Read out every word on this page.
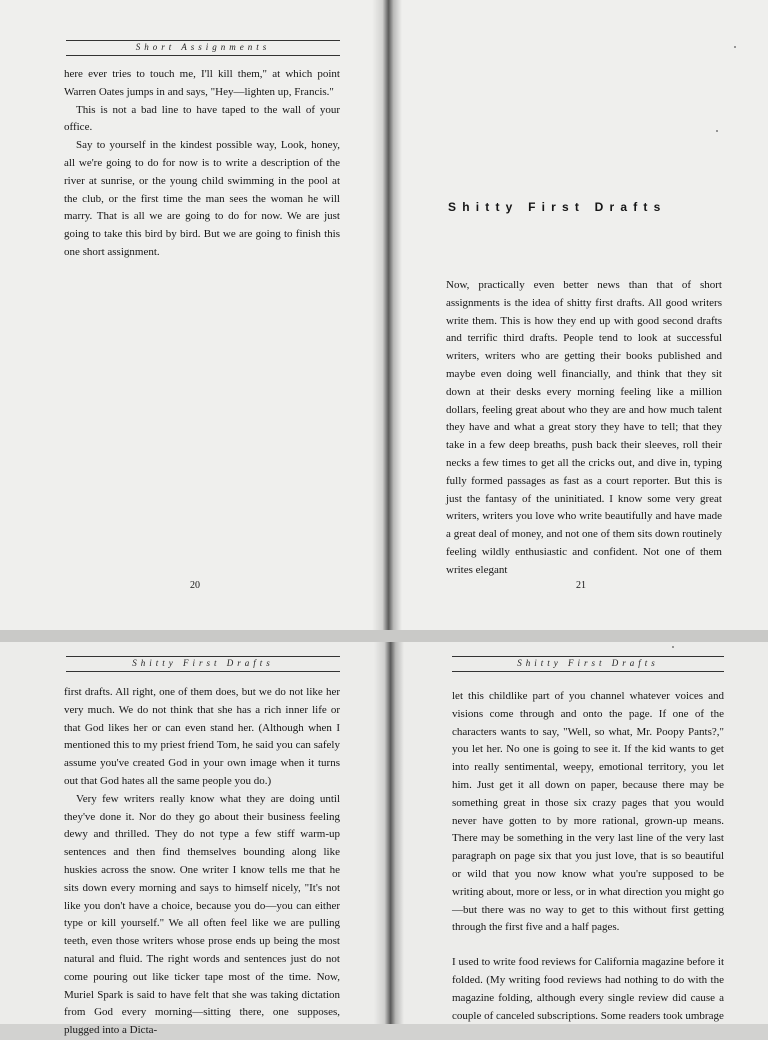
Short Assignments

here ever tries to touch me, I'll kill them," at which point Warren Oates jumps in and says, "Hey—lighten up, Francis."

This is not a bad line to have taped to the wall of your office.

Say to yourself in the kindest possible way, Look, honey, all we're going to do for now is to write a description of the river at sunrise, or the young child swimming in the pool at the club, or the first time the man sees the woman he will marry. That is all we are going to do for now. We are just going to take this bird by bird. But we are going to finish this one short assignment.

20
Shitty First Drafts

Now, practically even better news than that of short assignments is the idea of shitty first drafts. All good writers write them. This is how they end up with good second drafts and terrific third drafts. People tend to look at successful writers, writers who are getting their books published and maybe even doing well financially, and think that they sit down at their desks every morning feeling like a million dollars, feeling great about who they are and how much talent they have and what a great story they have to tell; that they take in a few deep breaths, push back their sleeves, roll their necks a few times to get all the cricks out, and dive in, typing fully formed passages as fast as a court reporter. But this is just the fantasy of the uninitiated. I know some very great writers, writers you love who write beautifully and have made a great deal of money, and not one of them sits down routinely feeling wildly enthusiastic and confident. Not one of them writes elegant

21
Shitty First Drafts

first drafts. All right, one of them does, but we do not like her very much. We do not think that she has a rich inner life or that God likes her or can even stand her. (Although when I mentioned this to my priest friend Tom, he said you can safely assume you've created God in your own image when it turns out that God hates all the same people you do.)

Very few writers really know what they are doing until they've done it. Nor do they go about their business feeling dewy and thrilled. They do not type a few stiff warm-up sentences and then find themselves bounding along like huskies across the snow. One writer I know tells me that he sits down every morning and says to himself nicely, "It's not like you don't have a choice, because you do—you can either type or kill yourself." We all often feel like we are pulling teeth, even those writers whose prose ends up being the most natural and fluid. The right words and sentences just do not come pouring out like ticker tape most of the time. Now, Muriel Spark is said to have felt that she was taking dictation from God every morning—sitting there, one supposes, plugged into a Dicta-

Shitty First Drafts

let this childlike part of you channel whatever voices and visions come through and onto the page. If one of the characters wants to say, "Well, so what, Mr. Poopy Pants?," you let her. No one is going to see it. If the kid wants to get into really sentimental, weepy, emotional territory, you let him. Just get it all down on paper, because there may be something great in those six crazy pages that you would never have gotten to by more rational, grown-up means. There may be something in the very last line of the very last paragraph on page six that you just love, that is so beautiful or wild that you now know what you're supposed to be writing about, more or less, or in what direction you might go—but there was no way to get to this without first getting through the first five and a half pages.

I used to write food reviews for California magazine before it folded. (My writing food reviews had nothing to do with the magazine folding, although every single review did cause a couple of canceled subscriptions. Some readers took umbrage
